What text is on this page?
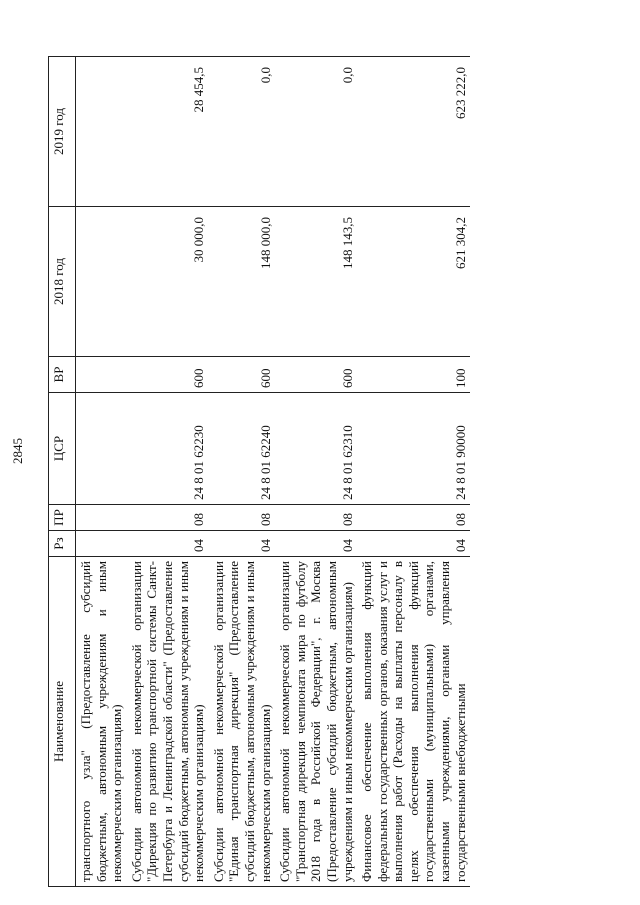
2845
Наименование	Рз	ПР	ЦСР	ВР	2018 год	2019 год
транспортного узла" (Предоставление субсидий бюджетным, автономным учреждениям и иным некоммерческим организациям)						
Субсидии автономной некоммерческой организации "Дирекция по развитию транспортной системы Санкт-Петербурга и Ленинградской области" (Предоставление субсидий бюджетным, автономным учреждениям и иным некоммерческим организациям)	04	08	24 8 01 62230	600	30 000,0	28 454,5
Субсидии автономной некоммерческой организации "Единая транспортная дирекция" (Предоставление субсидий бюджетным, автономным учреждениям и иным некоммерческим организациям)	04	08	24 8 01 62240	600	148 000,0	0,0
Субсидии автономной некоммерческой организации "Транспортная дирекция чемпионата мира по футболу 2018 года в Российской Федерации", г. Москва (Предоставление субсидий бюджетным, автономным учреждениям и иным некоммерческим организациям)	04	08	24 8 01 62310	600	148 143,5	0,0
Финансовое обеспечение выполнения функций федеральных государственных органов, оказания услуг и выполнения работ (Расходы на выплаты персоналу в целях обеспечения выполнения функций государственными (муниципальными) органами, казенными учреждениями, органами управления государственными внебюджетными	04	08	24 8 01 90000	100	621 304,2	623 222,0
